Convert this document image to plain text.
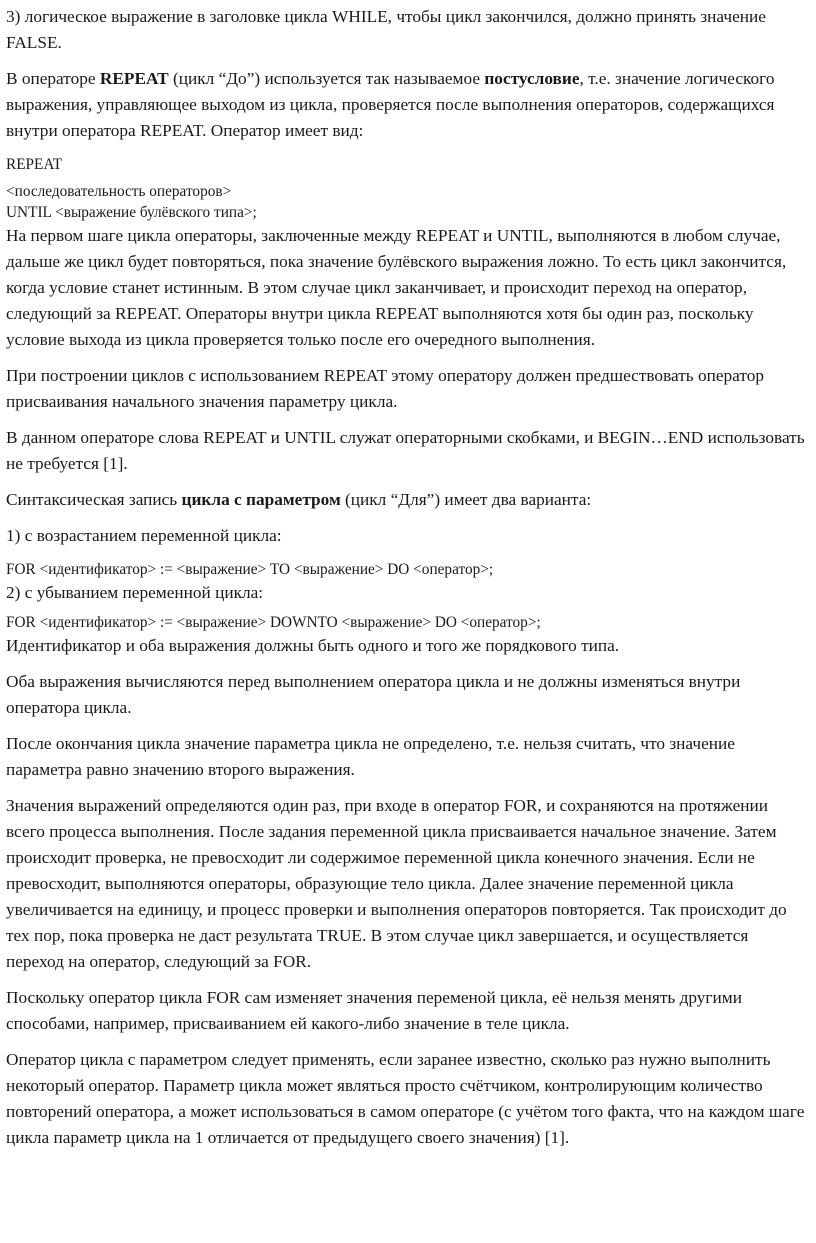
3) логическое выражение в заголовке цикла WHILE, чтобы цикл закончился, должно принять значение FALSE.

В операторе REPEAT (цикл “До”) используется так называемое постусловие, т.е. значение логического выражения, управляющее выходом из цикла, проверяется после выполнения операторов, содержащихся внутри оператора REPEAT. Оператор имеет вид:

REPEAT

<последовательность операторов>

UNTIL <выражение булёвского типа>;

На первом шаге цикла операторы, заключенные между REPEAT и UNTIL, выполняются в любом случае, дальше же цикл будет повторяться, пока значение булёвского выражения ложно. То есть цикл закончится, когда условие станет истинным. В этом случае цикл заканчивает, и происходит переход на оператор, следующий за REPEAT. Операторы внутри цикла REPEAT выполняются хотя бы один раз, поскольку условие выхода из цикла проверяется только после его очередного выполнения.

При построении циклов с использованием REPEAT этому оператору должен предшествовать оператор присваивания начального значения параметру цикла.

В данном операторе слова REPEAT и UNTIL служат операторными скобками, и BEGIN…END использовать не требуется [1].

Синтаксическая запись цикла с параметром (цикл “Для”) имеет два варианта:

1) с возрастанием переменной цикла:

FOR <идентификатор> := <выражение> TO <выражение> DO <оператор>;

2) с убыванием переменной цикла:

FOR <идентификатор> := <выражение> DOWNTO <выражение> DO <оператор>;

Идентификатор и оба выражения должны быть одного и того же порядкового типа.

Оба выражения вычисляются перед выполнением оператора цикла и не должны изменяться внутри оператора цикла.

После окончания цикла значение параметра цикла не определено, т.е. нельзя считать, что значение параметра равно значению второго выражения.

Значения выражений определяются один раз, при входе в оператор FOR, и сохраняются на протяжении всего процесса выполнения. После задания переменной цикла присваивается начальное значение. Затем происходит проверка, не превосходит ли содержимое переменной цикла конечного значения. Если не превосходит, выполняются операторы, образующие тело цикла. Далее значение переменной цикла увеличивается на единицу, и процесс проверки и выполнения операторов повторяется. Так происходит до тех пор, пока проверка не даст результата TRUE. В этом случае цикл завершается, и осуществляется переход на оператор, следующий за FOR.

Поскольку оператор цикла FOR сам изменяет значения переменой цикла, её нельзя менять другими способами, например, присваиванием ей какого-либо значение в теле цикла.

Оператор цикла с параметром следует применять, если заранее известно, сколько раз нужно выполнить некоторый оператор. Параметр цикла может являться просто счётчиком, контролирующим количество повторений оператора, а может использоваться в самом операторе (с учётом того факта, что на каждом шаге цикла параметр цикла на 1 отличается от предыдущего своего значения) [1].
